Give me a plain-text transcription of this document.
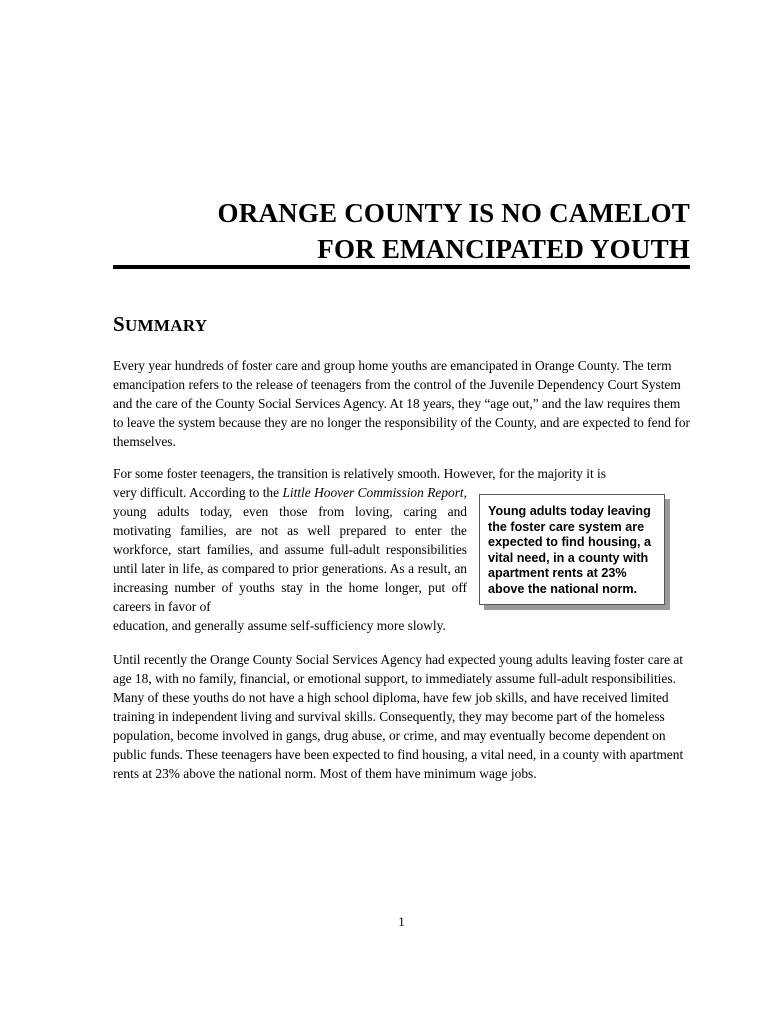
ORANGE COUNTY IS NO CAMELOT
FOR EMANCIPATED YOUTH
SUMMARY
Every year hundreds of foster care and group home youths are emancipated in Orange County. The term emancipation refers to the release of teenagers from the control of the Juvenile Dependency Court System and the care of the County Social Services Agency. At 18 years, they “age out,” and the law requires them to leave the system because they are no longer the responsibility of the County, and are expected to fend for themselves.
For some foster teenagers, the transition is relatively smooth. However, for the majority it is
very difficult. According to the Little Hoover Commission Report, young adults today, even those from loving, caring and motivating families, are not as well prepared to enter the workforce, start families, and assume full-adult responsibilities until later in life, as compared to prior generations. As a result, an increasing number of youths stay in the home longer, put off careers in favor of
education, and generally assume self-sufficiency more slowly.
Young adults today leaving the foster care system are expected to find housing, a vital need, in a county with apartment rents at 23% above the national norm.
Until recently the Orange County Social Services Agency had expected young adults leaving foster care at age 18, with no family, financial, or emotional support, to immediately assume full-adult responsibilities. Many of these youths do not have a high school diploma, have few job skills, and have received limited training in independent living and survival skills. Consequently, they may become part of the homeless population, become involved in gangs, drug abuse, or crime, and may eventually become dependent on public funds. These teenagers have been expected to find housing, a vital need, in a county with apartment rents at 23% above the national norm. Most of them have minimum wage jobs.
1
